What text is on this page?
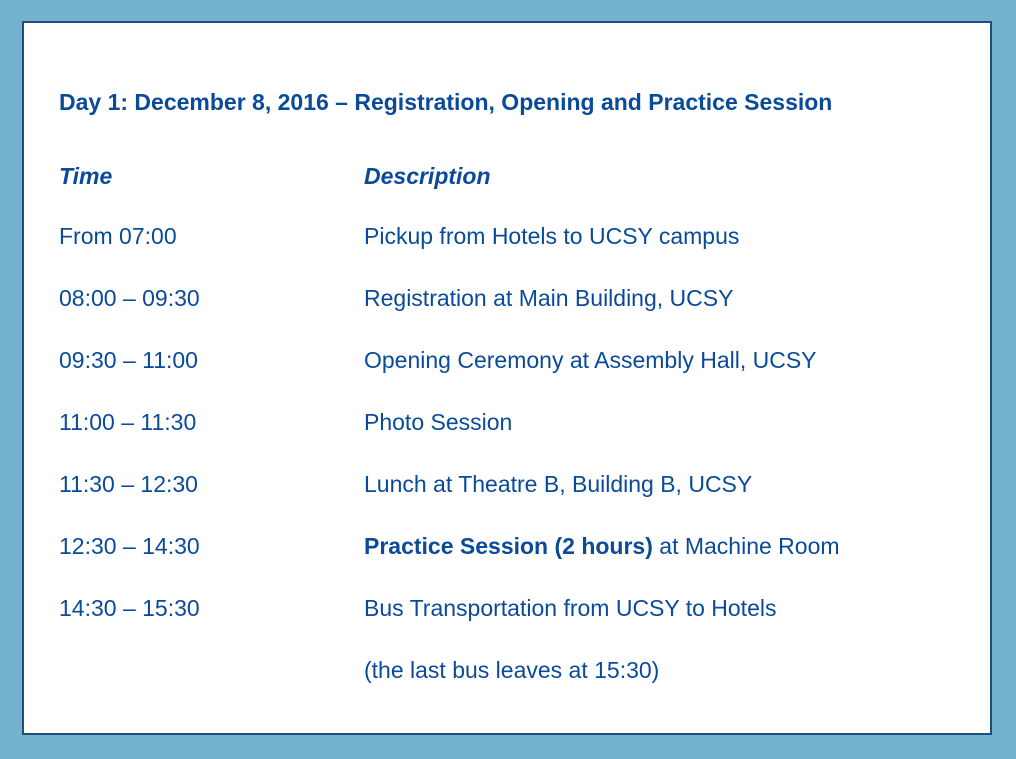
Day 1: December 8, 2016 – Registration, Opening and Practice Session
Time	Description
From 07:00	Pickup from Hotels to UCSY campus
08:00 – 09:30	Registration at Main Building, UCSY
09:30 – 11:00	Opening Ceremony at Assembly Hall, UCSY
11:00 – 11:30	Photo Session
11:30 – 12:30	Lunch at Theatre B, Building B, UCSY
12:30 – 14:30	Practice Session (2 hours) at Machine Room
14:30 – 15:30	Bus Transportation from UCSY to Hotels
(the last bus leaves at 15:30)
